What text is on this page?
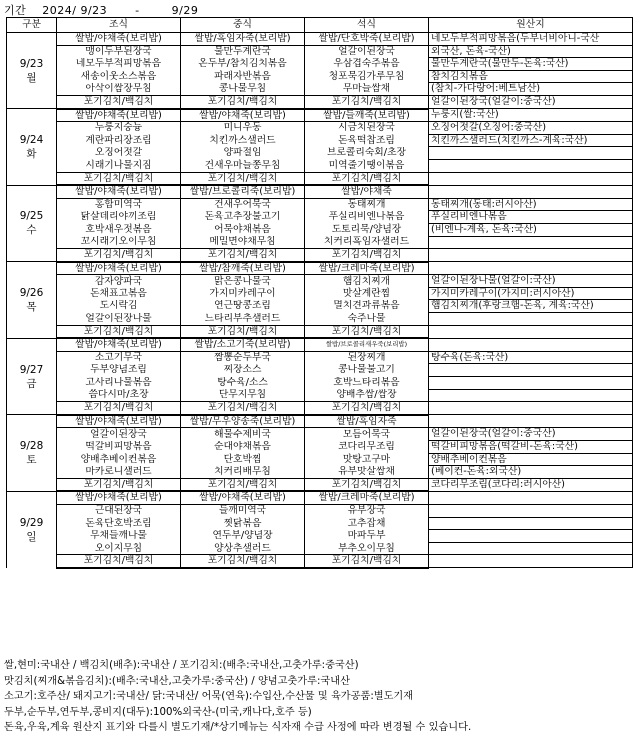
기간 2024/ 9/23	-	9/29
구분	조식	중식	석식	원산지

9/23
월	쌀밥/야채죽(보리밥)	쌀밥/흑임자죽(보리밥)	쌀밥/단호박죽(보리밥)	네모두부적피망볶음(두부너비아니-국산
	맹이두부된장국	물만두계란국	얼갈이된장국	외국산, 돈육-국산)
	네모두부적피망볶음	온두부/참치김치볶음	우삼겹숙주볶음	물만두계란국(물만두-돈육:국산)
	새송이웃소스볶음	파래자반볶음	청포묵김가루무침	참치김치볶음
	아삭이쌈장무침	콩나물무침	무마늘쌈채	(참치-가다랑어:베트남산)
	포기김치/백김치	포기김치/백김치	포기김치/백김치	얼갈이된장국(얼갈이:중국산)

9/24
화	쌀밥/야채죽(보리밥)	쌀밥/야채죽(보리밥)	쌀밥/들깨죽(보리밥)	누룽지(쌀:국산)
	누룽지숭늉	미니우동	시금치된장국	오징어젓갈(오징어:중국산)
	계란파리장조림	치킨까스샐러드	돈육떡찹조림	치킨까스샐러드(치킨까스-계육:국산)
	오징어젓갈	양파절임	브로콜리숙회/초장	
	시래기나물지짐	건새우마늘쫑무침	미역줄기땡이볶음	
	포기김치/백김치	포기김치/백김치	포기김치/백김치	

9/25
수	쌀밥/야채죽(보리밥)	쌀밥/브로콜리죽(보리밥)	쌀밥/야채죽	
	홍합미역국	건새우어묵국	동태찌개	동태찌개(동태:러시아산)
	닭살데리야끼조림	돈육고추장불고기	푸실리비엔나볶음	푸실리비엔나볶음
	호박새우젓볶음	어묵야채볶음	도토리묵/양념장	(비엔나-계육, 돈육:국산)
	꼬시래기오이무침	메밀면야채무침	치커리흑임자샐러드	
	포기김치/백김치	포기김치/백김치	포기김치/백김치	

9/26
목	쌀밥/야채죽(보리밥)	쌀밥/참깨죽(보리밥)	쌀밥/크레마죽(보리밥)	
	감자양파국	맑은콩나물국	햄김치찌개	얼갈이된장나물(얼갈이:국산)
	돈채표고볶음	가지미카레구이	맛살계란찜	가지미카레구이(가지미:러시아산)
	도시락김	연근땅콩조림	멸치견과류볶음	햄김치찌개(후랑크햄-돈육, 계육:국산)
	얼갈이된장나물	느타리부추샐러드	숙주나물	
	포기김치/백김치	포기김치/백김치	포기김치/백김치	

9/27
금	쌀밥/야채죽(보리밥)	쌀밥/소고기죽(보리밥)	쌀밥/브로콜리새우죽(보리밥)	
	소고기무국	짬뽕순두부국	된장찌개	탕수육(돈육:국산)
	두부양념조림	찌장소스	콩나물불고기	
	고사리나물볶음	탕수육/소스	호박느타리볶음	
	씀다시마/초장	단무지무침	양배추쌈/쌈장	
	포기김치/백김치	포기김치/백김치	포기김치/백김치	

9/28
토	쌀밥/야채죽(보리밥)	쌀밥/무우양송죽(보리밥)	쌀밥/흑임자죽	
	얼갈이된장국	해물수제비국	모듬어묵국	얼갈이된장국(얼갈이:중국산)
	떡갈비피망볶음	순대야채볶음	코다리무조림	떡갈비피망볶음(떡갈비-돈육:국산)
	양배추베이컨볶음	단호박찜	맛탕고구마	양배추베이컨볶음
	마카로니샐러드	치커리배무침	유부맛살쌈채	(베이컨-돈육:외국산)
	포기김치/백김치	포기김치/백김치	포기김치/백김치	코다리무조림(코다리:러시아산)

9/29
일	쌀밥/야채죽(보리밥)	쌀밥/야채죽(보리밥)	쌀밥/크레마죽(보리밥)	
	근대된장국	들깨미역국	유부장국	
	돈육단호박조림	찟닭볶음	고추잡채	
	무채들깨나물	연두부/양념장	마파두부	
	오이지무침	양상추샐러드	부추오이무침	
	포기김치/백김치	포기김치/백김치	포기김치/백김치	
쌀,현미:국내산 / 백김치(배추):국내산 / 포기김치:(배추:국내산,고춧가루:중국산)
맛김치(찌개&볶음김치):(배추:국내산,고춧가루:중국산) / 양념고춧가루:국내산
소고기:호주산/ 돼지고기:국내산/ 닭:국내산/ 어묵(연육):수입산,수산물 및 육가공품:별도기재
두부,순두부,연두부,콩비지(대두):100%외국산-(미국,캐나다,호주 등)
돈육,우육,계육 원산지 표기와 다를시 별도기재/*상기메뉴는 식자재 수급 사정에 따라 변경될 수 있습니다.
